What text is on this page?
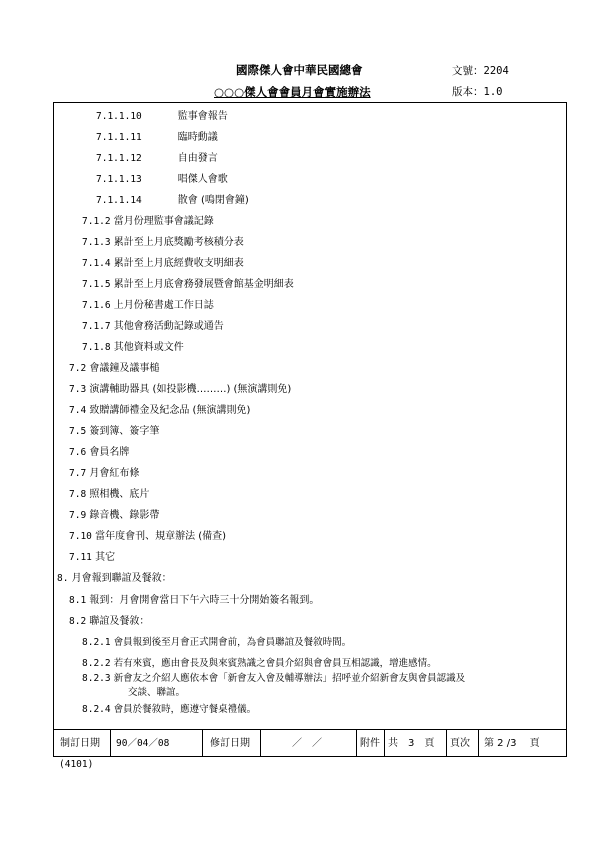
國際傑人會中華民國總會	文號：2204
○○○傑人會會員月會實施辦法	版本：1.0
7.1.1.10	監事會報告
7.1.1.11	臨時動議
7.1.1.12	自由發言
7.1.1.13	唱傑人會歌
7.1.1.14	散會 (鳴閉會鐘)
7.1.2 當月份理監事會議記錄
7.1.3 累計至上月底獎勵考核積分表
7.1.4 累計至上月底經費收支明細表
7.1.5 累計至上月底會務發展暨會館基金明細表
7.1.6 上月份秘書處工作日誌
7.1.7 其他會務活動記錄或通告
7.1.8 其他資料或文件
7.2 會議鐘及議事槌
7.3 演講輔助器具 (如投影機………) (無演講則免)
7.4 致贈講師禮金及紀念品 (無演講則免)
7.5 簽到簿、簽字筆
7.6 會員名牌
7.7 月會紅布條
7.8 照相機、底片
7.9 錄音機、錄影帶
7.10 當年度會刊、規章辦法 (備查)
7.11 其它
8. 月會報到聯誼及餐敘：
8.1 報到：月會開會當日下午六時三十分開始簽名報到。
8.2 聯誼及餐敘：
8.2.1 會員報到後至月會正式開會前，為會員聯誼及餐敘時間。
8.2.2 若有來賓，應由會長及與來賓熟識之會員介紹與會會員互相認識，增進感情。
8.2.3 新會友之介紹人應依本會「新會友入會及輔導辦法」招呼並介紹新會友與會員認識及
交談、聯誼。
8.2.4 會員於餐敘時，應遵守餐桌禮儀。
制訂日期 90／04／08	修訂日期	／　／	附件 共　3　頁 頁次 第 2 /3　 頁
(4101)
